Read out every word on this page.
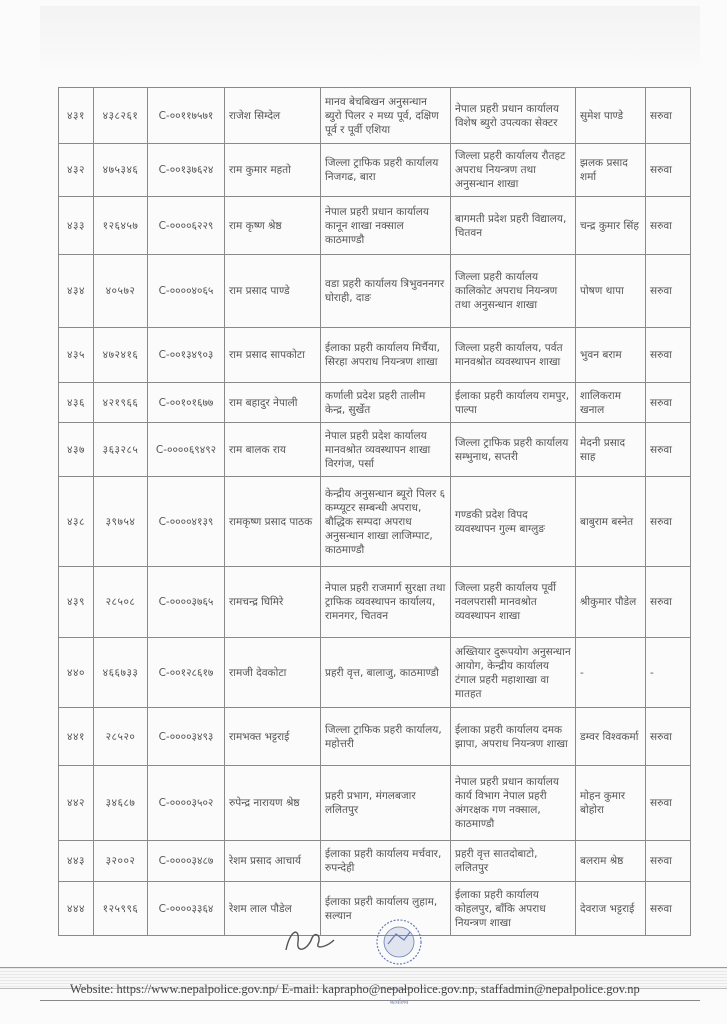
४३१	४३८२६१	C-००११७५७१	राजेश सिम्देल	मानव बेचबिखन अनुसन्धान ब्युरो पिलर २ मध्य पूर्व, दक्षिण पूर्व र पूर्वी एशिया	नेपाल प्रहरी प्रधान कार्यालय विशेष ब्युरो उपत्यका सेक्टर	सुमेश पाण्डे	सरुवा
४३२	४७५३४६	C-००१३७६२४	राम कुमार महतो	जिल्ला ट्राफिक प्रहरी कार्यालय निजगढ, बारा	जिल्ला प्रहरी कार्यालय रौतहट अपराध नियन्त्रण तथा अनुसन्धान शाखा	झलक प्रसाद शर्मा	सरुवा
४३३	१२६४५७	C-००००६२२९	राम कृष्ण श्रेष्ठ	नेपाल प्रहरी प्रधान कार्यालय कानून शाखा नक्साल काठमाण्डौ	बागमती प्रदेश प्रहरी विद्यालय, चितवन	चन्द्र कुमार सिंह	सरुवा
४३४	४०५७२	C-००००४०६५	राम प्रसाद पाण्डे	वडा प्रहरी कार्यालय त्रिभुवननगर घोराही, दाङ	जिल्ला प्रहरी कार्यालय कालिकोट अपराध नियन्त्रण तथा अनुसन्धान शाखा	पोषण थापा	सरुवा
४३५	४७२४१६	C-००१३४९०३	राम प्रसाद सापकोटा	ईलाका प्रहरी कार्यालय मिर्चैया, सिरहा अपराध नियन्त्रण शाखा	जिल्ला प्रहरी कार्यालय, पर्वत मानवश्रोत व्यवस्थापन शाखा	भुवन बराम	सरुवा
४३६	४२१९६६	C-००१०१६७७	राम बहादुर नेपाली	कर्णाली प्रदेश प्रहरी तालीम केन्द्र, सुर्खेत	ईलाका प्रहरी कार्यालय रामपुर, पाल्पा	शालिकराम खनाल	सरुवा
४३७	३६३२८५	C-००००६९४९२	राम बालक राय	नेपाल प्रहरी प्रदेश कार्यालय मानवश्रोत व्यवस्थापन शाखा विरगंज, पर्सा	जिल्ला ट्राफिक प्रहरी कार्यालय सम्भुनाथ, सप्तरी	मेदनी प्रसाद साह	सरुवा
४३८	३९७५४	C-००००४१३९	रामकृष्ण प्रसाद पाठक	केन्द्रीय अनुसन्धान ब्यूरो पिलर ६ कम्प्यूटर सम्बन्धी अपराध, बौद्धिक सम्पदा अपराध अनुसन्धान शाखा लाजिम्पाट, काठमाण्डौ	गण्डकी प्रदेश विपद व्यवस्थापन गुल्म बाग्लुङ	बाबुराम बस्नेत	सरुवा
४३९	२८५०८	C-००००३७६५	रामचन्द्र घिमिरे	नेपाल प्रहरी राजमार्ग सुरक्षा तथा ट्राफिक व्यवस्थापन कार्यालय, रामनगर, चितवन	जिल्ला प्रहरी कार्यालय पूर्वी नवलपरासी मानवश्रोत व्यवस्थापन शाखा	श्रीकुमार पौडेल	सरुवा
४४०	४६६७३३	C-००१२८६१७	रामजी देवकोटा	प्रहरी वृत्त, बालाजु, काठमाण्डौ	अख्तियार दुरूपयोग अनुसन्धान आयोग, केन्द्रीय कार्यालय टंगाल प्रहरी महाशाखा वा मातहत	-	-
४४१	२८५२०	C-००००३४९३	रामभक्त भट्टराई	जिल्ला ट्राफिक प्रहरी कार्यालय, महोत्तरी	ईलाका प्रहरी कार्यालय दमक झापा, अपराध नियन्त्रण शाखा	डम्वर विश्वकर्मा	सरुवा
४४२	३४६८७	C-००००३५०२	रुपेन्द्र नारायण श्रेष्ठ	प्रहरी प्रभाग, मंगलबजार ललितपुर	नेपाल प्रहरी प्रधान कार्यालय कार्य विभाग नेपाल प्रहरी अंगरक्षक गण नक्साल, काठमाण्डौ	मोहन कुमार बोहोरा	सरुवा
४४३	३२००२	C-००००३४८७	रेशम प्रसाद आचार्य	ईलाका प्रहरी कार्यालय मर्चवार, रुपन्देही	प्रहरी वृत्त सातदोबाटो, ललितपुर	बलराम श्रेष्ठ	सरुवा
४४४	१२५९९६	C-००००३३६४	रेशम लाल पौडेल	ईलाका प्रहरी कार्यालय लुहाम, सल्यान	ईलाका प्रहरी कार्यालय कोहलपुर, बाँकि अपराध नियन्त्रण शाखा	देवराज भट्टराई	सरुवा
कार्यालय
Website: https://www.nepalpolice.gov.np/ E-mail: kaprapho@nepalpolice.gov.np, staffadmin@nepalpolice.gov.np
